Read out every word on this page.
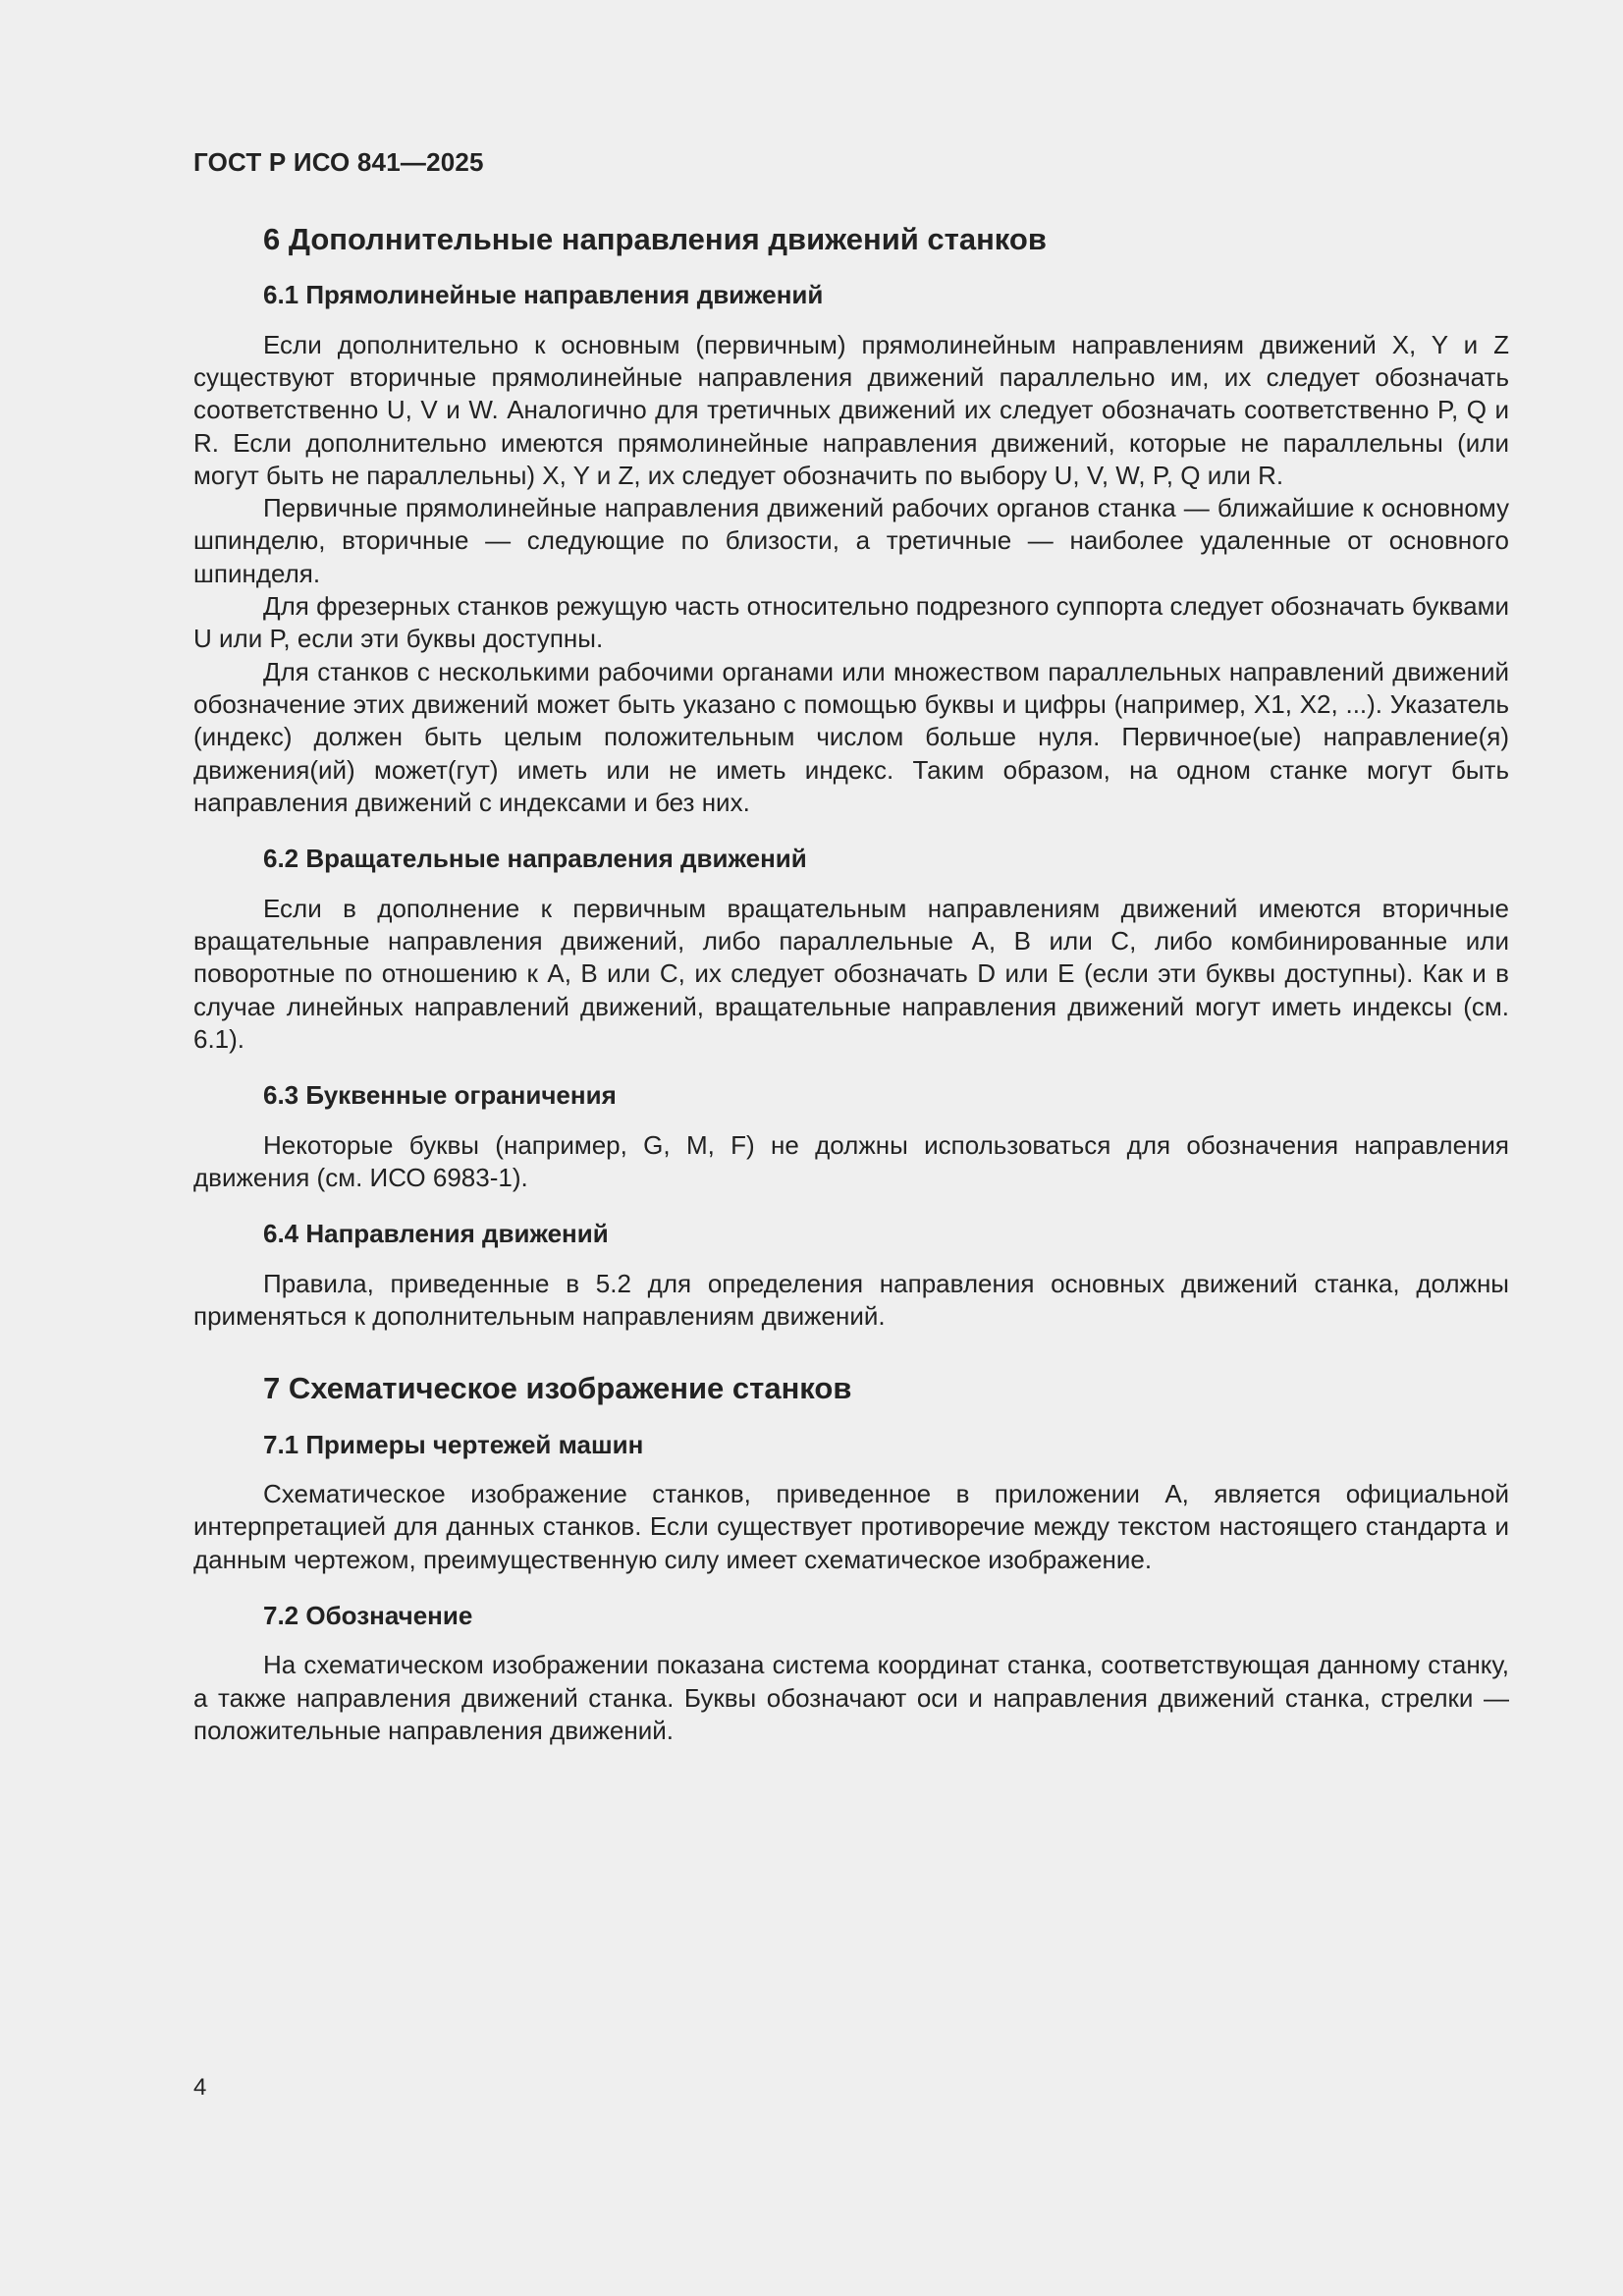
ГОСТ Р ИСО 841—2025

6 Дополнительные направления движений станков
6.1 Прямолинейные направления движений

Если дополнительно к основным (первичным) прямолинейным направлениям движений X, Y и Z существуют вторичные прямолинейные направления движений параллельно им, их следует обозначать соответственно U, V и W. Аналогично для третичных движений их следует обозначать соответственно P, Q и R. Если дополнительно имеются прямолинейные направления движений, которые не параллельны (или могут быть не параллельны) X, Y и Z, их следует обозначить по выбору U, V, W, P, Q или R.

Первичные прямолинейные направления движений рабочих органов станка — ближайшие к основному шпинделю, вторичные — следующие по близости, а третичные — наиболее удаленные от основного шпинделя.

Для фрезерных станков режущую часть относительно подрезного суппорта следует обозначать буквами U или P, если эти буквы доступны.

Для станков с несколькими рабочими органами или множеством параллельных направлений движений обозначение этих движений может быть указано с помощью буквы и цифры (например, X1, X2, ...). Указатель (индекс) должен быть целым положительным числом больше нуля. Первичное(ые) направление(я) движения(ий) может(гут) иметь или не иметь индекс. Таким образом, на одном станке могут быть направления движений с индексами и без них.

6.2 Вращательные направления движений

Если в дополнение к первичным вращательным направлениям движений имеются вторичные вращательные направления движений, либо параллельные A, B или C, либо комбинированные или поворотные по отношению к A, B или C, их следует обозначать D или E (если эти буквы доступны). Как и в случае линейных направлений движений, вращательные направления движений могут иметь индексы (см. 6.1).

6.3 Буквенные ограничения

Некоторые буквы (например, G, M, F) не должны использоваться для обозначения направления движения (см. ИСО 6983-1).

6.4 Направления движений

Правила, приведенные в 5.2 для определения направления основных движений станка, должны применяться к дополнительным направлениям движений.

7 Схематическое изображение станков
7.1 Примеры чертежей машин

Схематическое изображение станков, приведенное в приложении А, является официальной интерпретацией для данных станков. Если существует противоречие между текстом настоящего стандарта и данным чертежом, преимущественную силу имеет схематическое изображение.

7.2 Обозначение

На схематическом изображении показана система координат станка, соответствующая данному станку, а также направления движений станка. Буквы обозначают оси и направления движений станка, стрелки — положительные направления движений.

4
